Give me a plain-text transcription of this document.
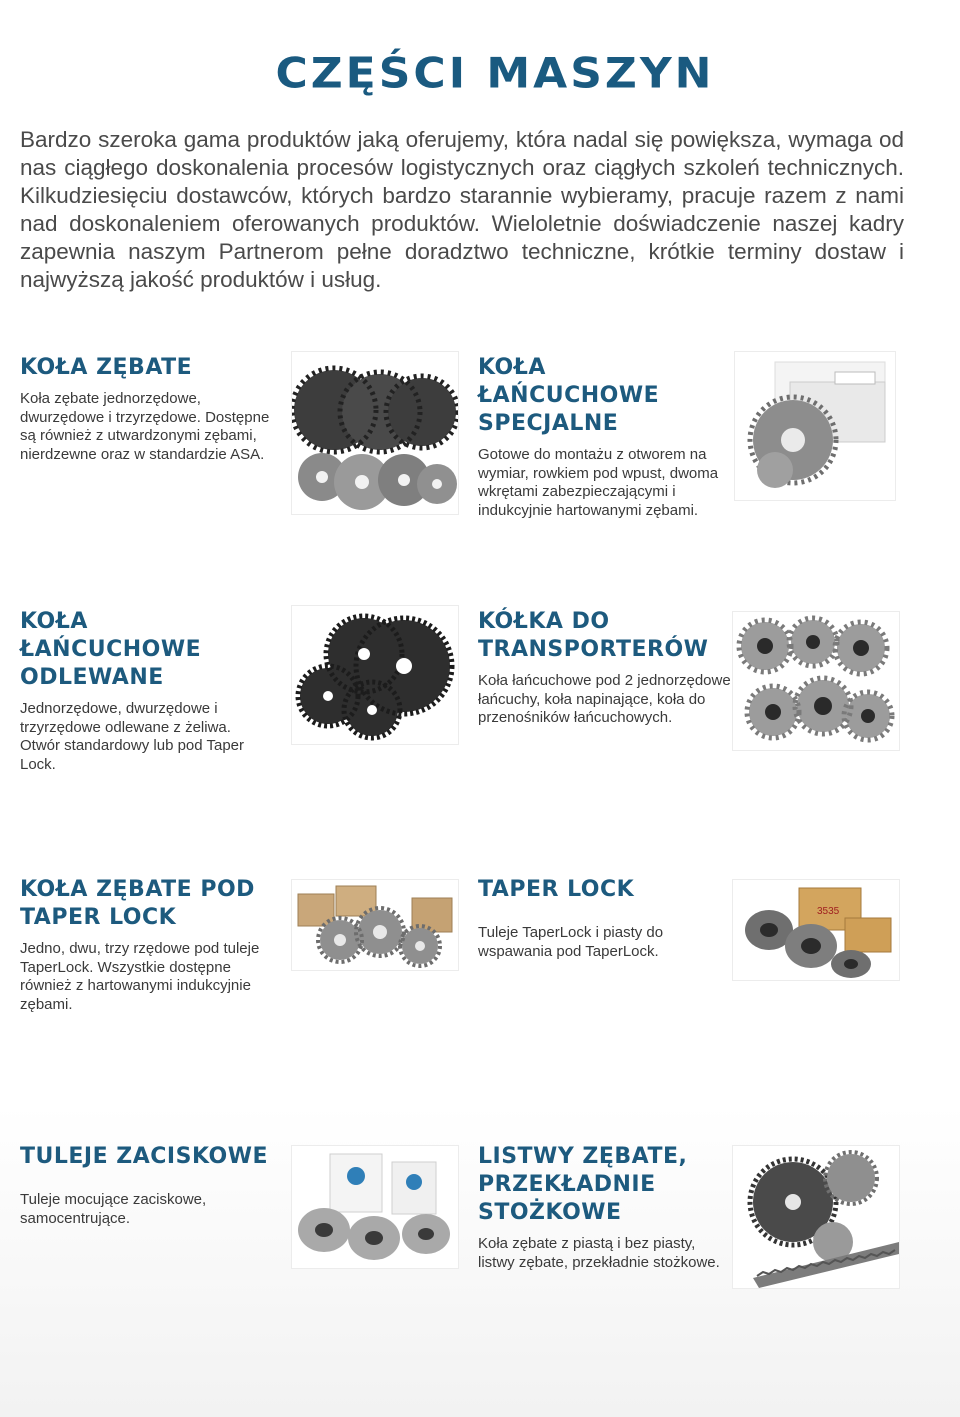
CZĘŚCI MASZYN
Bardzo szeroka gama produktów jaką oferujemy, która nadal się powiększa, wymaga od nas ciągłego doskonalenia procesów logistycznych oraz ciągłych szkoleń technicznych. Kilkudziesięciu dostawców, których bardzo starannie wybieramy, pracuje razem z nami nad doskonaleniem oferowanych produktów. Wieloletnie doświadczenie naszej kadry zapewnia naszym Partnerom pełne doradztwo techniczne, krótkie terminy dostaw i najwyższą jakość produktów i usług.
KOŁA ZĘBATE

Koła zębate jednorzędowe, dwurzędowe i trzyrzędowe. Dostępne są również z utwardzonymi zębami, nierdzewne oraz w standardzie ASA.

KOŁA ŁAŃCUCHOWE
SPECJALNE

Gotowe do montażu z otworem na wymiar, rowkiem pod wpust, dwoma wkrętami zabezpieczającymi i indukcyjnie hartowanymi zębami.

KOŁA ŁAŃCUCHOWE
ODLEWANE

Jednorzędowe, dwurzędowe i trzyrzędowe odlewane z żeliwa. Otwór standardowy lub pod Taper Lock.

KÓŁKA DO
TRANSPORTERÓW

Koła łańcuchowe pod 2 jednorzędowe łańcuchy, koła napinające, koła do przenośników łańcuchowych.

KOŁA ZĘBATE POD
TAPER LOCK

Jedno, dwu, trzy rzędowe pod tuleje TaperLock. Wszystkie dostępne również z hartowanymi indukcyjnie zębami.

TAPER LOCK

Tuleje TaperLock i piasty do wspawania pod TaperLock.

3535
TULEJE ZACISKOWE

Tuleje mocujące zaciskowe, samocentrujące.

LISTWY ZĘBATE,
PRZEKŁADNIE
STOŻKOWE

Koła zębate z piastą i bez piasty, listwy zębate, przekładnie stożkowe.
